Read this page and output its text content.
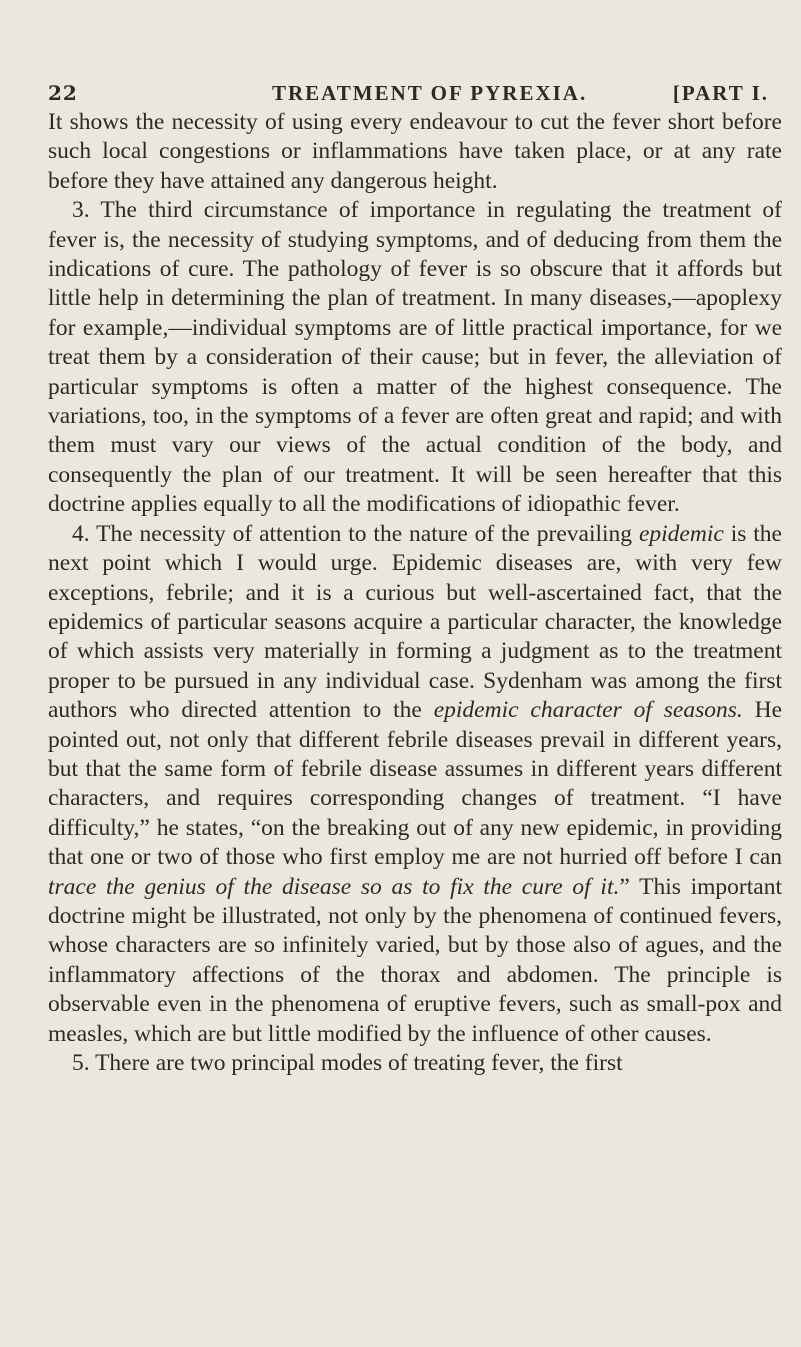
22	TREATMENT OF PYREXIA.	[PART I.

It shows the necessity of using every endeavour to cut the fever short before such local congestions or inflammations have taken place, or at any rate before they have attained any dangerous height.

3. The third circumstance of importance in regulating the treatment of fever is, the necessity of studying symptoms, and of deducing from them the indications of cure. The pathology of fever is so obscure that it affords but little help in determining the plan of treatment. In many diseases,—apoplexy for example,—individual symptoms are of little practical importance, for we treat them by a consideration of their cause; but in fever, the alleviation of particular symptoms is often a matter of the highest consequence. The variations, too, in the symptoms of a fever are often great and rapid; and with them must vary our views of the actual condition of the body, and consequently the plan of our treatment. It will be seen hereafter that this doctrine applies equally to all the modifications of idiopathic fever.

4. The necessity of attention to the nature of the prevailing epidemic is the next point which I would urge. Epidemic diseases are, with very few exceptions, febrile; and it is a curious but well-ascertained fact, that the epidemics of particular seasons acquire a particular character, the knowledge of which assists very materially in forming a judgment as to the treatment proper to be pursued in any individual case. Sydenham was among the first authors who directed attention to the epidemic character of seasons. He pointed out, not only that different febrile diseases prevail in different years, but that the same form of febrile disease assumes in different years different characters, and requires corresponding changes of treatment. “I have difficulty,” he states, “on the breaking out of any new epidemic, in providing that one or two of those who first employ me are not hurried off before I can trace the genius of the disease so as to fix the cure of it.” This important doctrine might be illustrated, not only by the phenomena of continued fevers, whose characters are so infinitely varied, but by those also of agues, and the inflammatory affections of the thorax and abdomen. The principle is observable even in the phenomena of eruptive fevers, such as small-pox and measles, which are but little modified by the influence of other causes.

5. There are two principal modes of treating fever, the first
